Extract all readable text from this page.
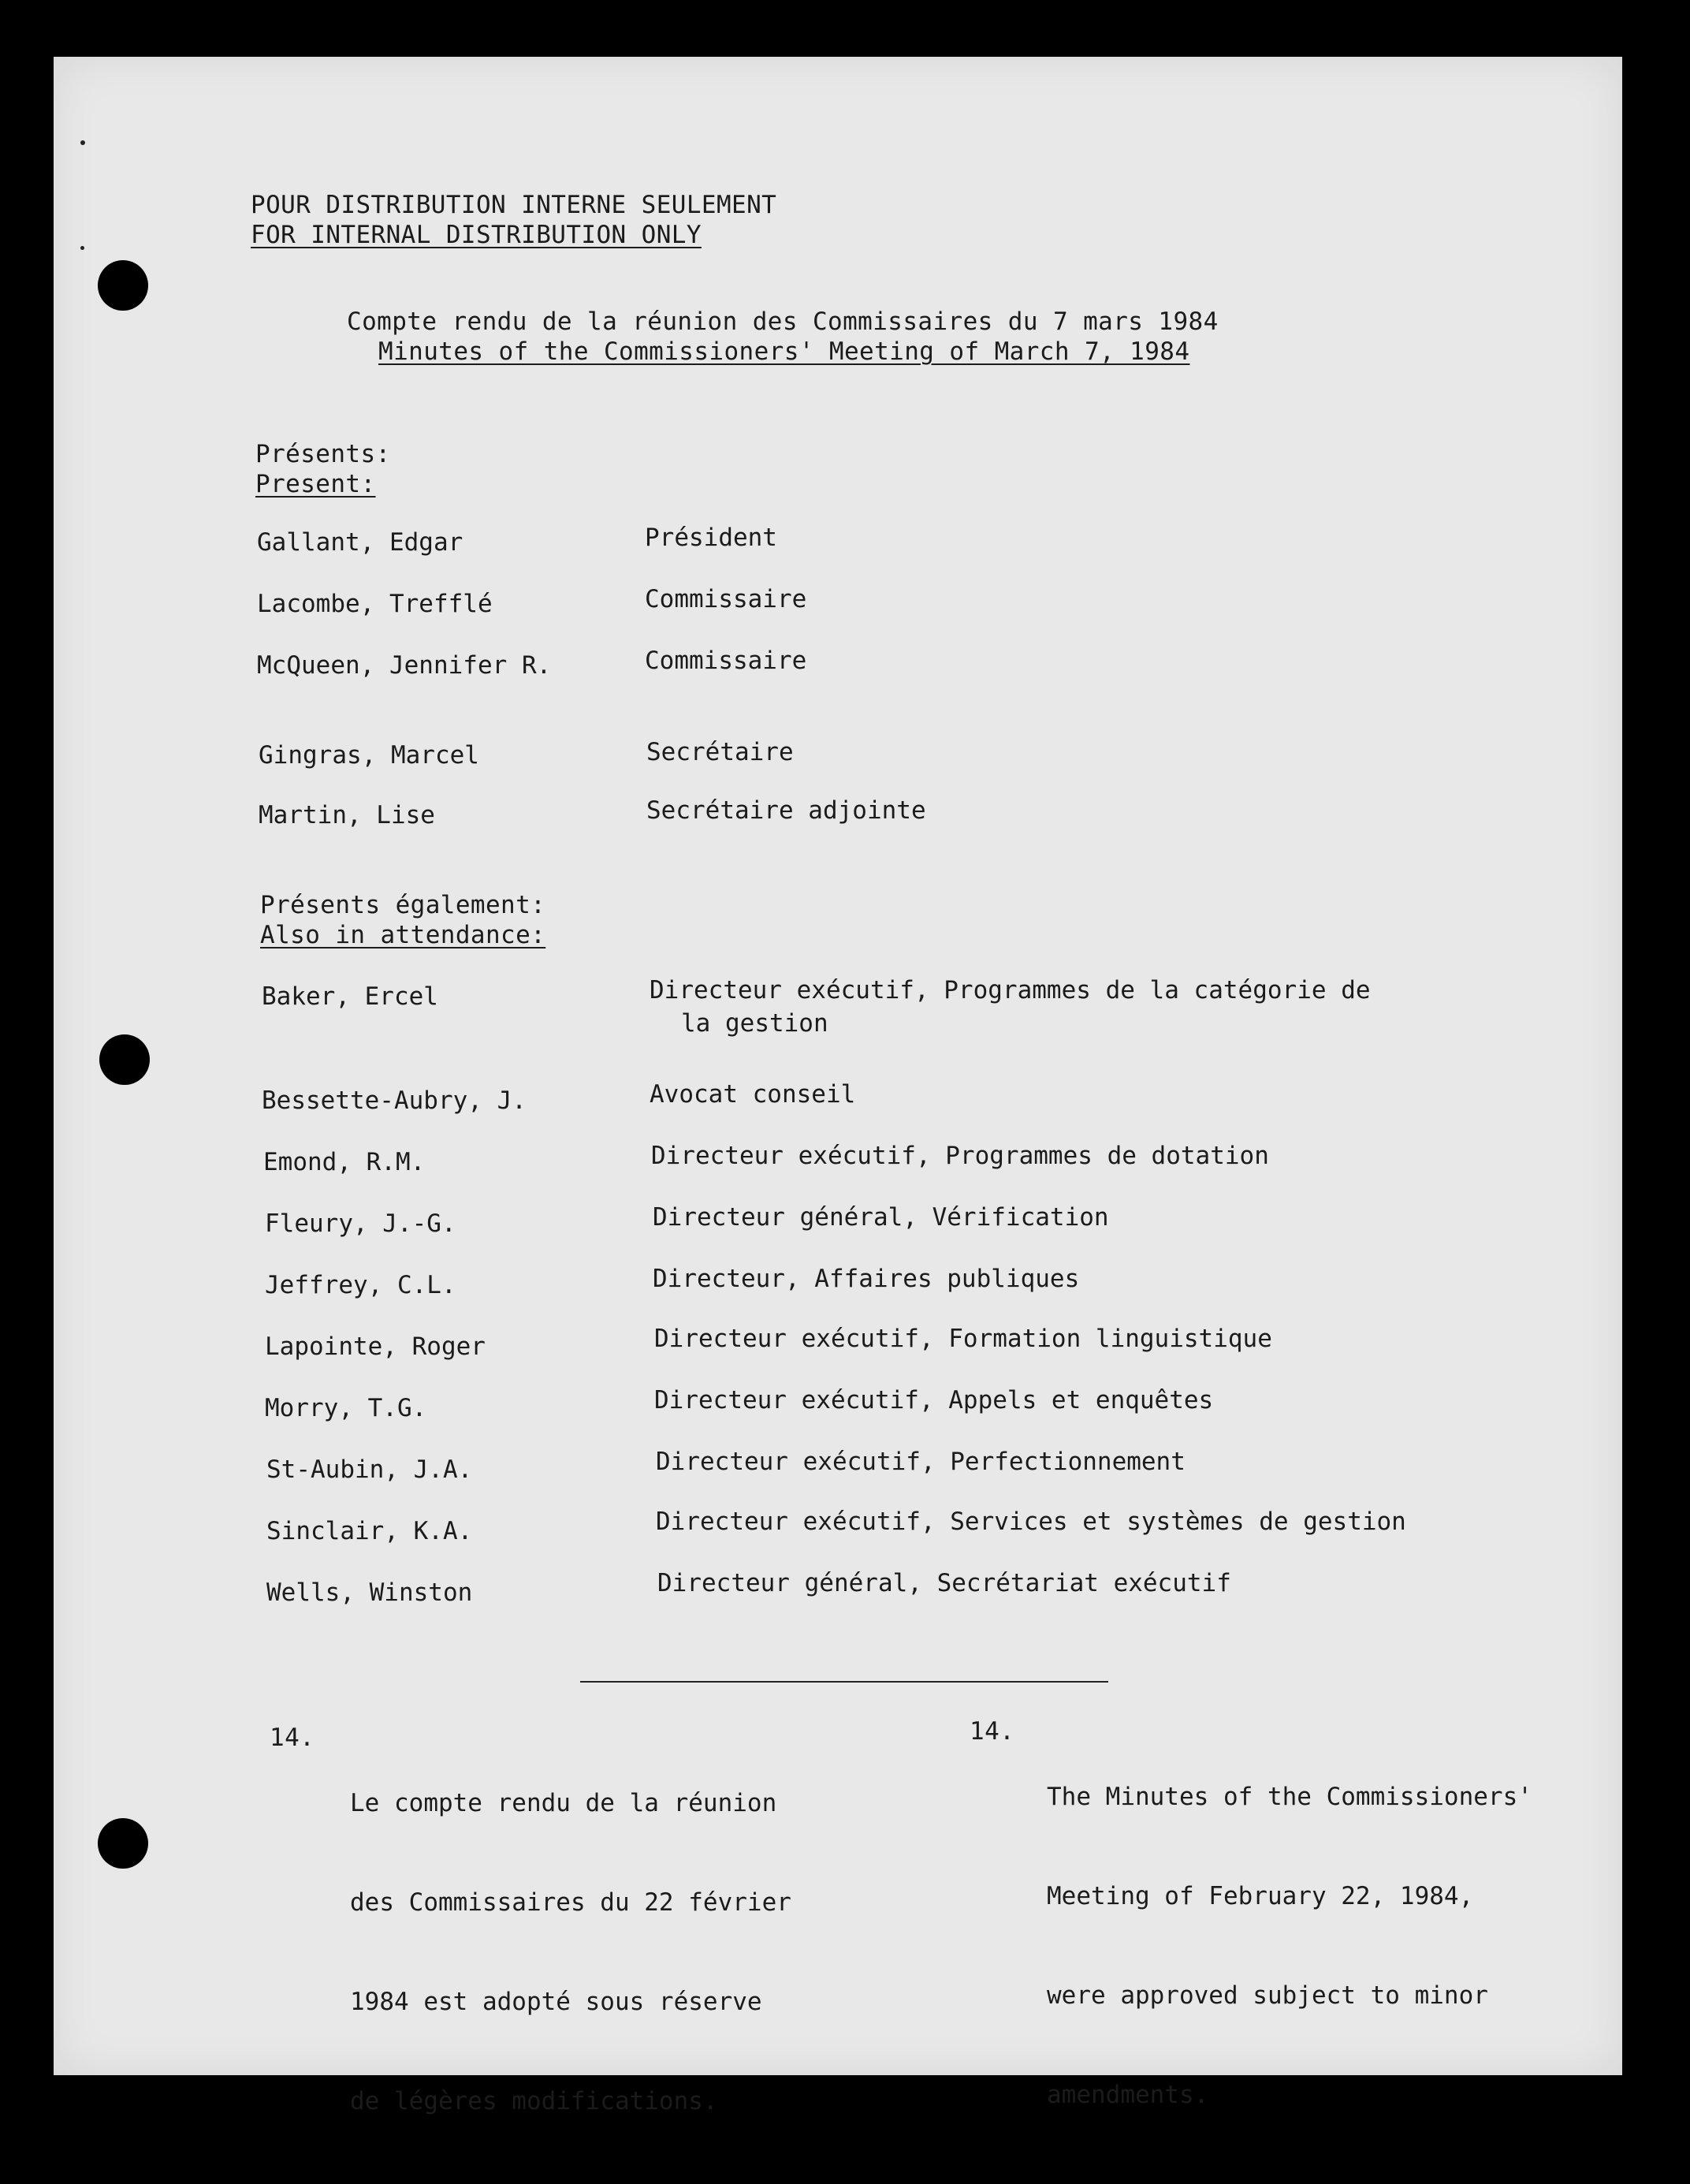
POUR DISTRIBUTION INTERNE SEULEMENT
FOR INTERNAL DISTRIBUTION ONLY
Compte rendu de la réunion des Commissaires du 7 mars 1984
Minutes of the Commissioners' Meeting of March 7, 1984
Présents:
Present:
Gallant, Edgar	Président
Lacombe, Trefflé	Commissaire
McQueen, Jennifer R.	Commissaire
Gingras, Marcel	Secrétaire
Martin, Lise	Secrétaire adjointe
Présents également:
Also in attendance:
Baker, Ercel	Directeur exécutif, Programmes de la catégorie de
la gestion
Bessette-Aubry, J.	Avocat conseil
Emond, R.M.	Directeur exécutif, Programmes de dotation
Fleury, J.-G.	Directeur général, Vérification
Jeffrey, C.L.	Directeur, Affaires publiques
Lapointe, Roger	Directeur exécutif, Formation linguistique
Morry, T.G.	Directeur exécutif, Appels et enquêtes
St-Aubin, J.A.	Directeur exécutif, Perfectionnement
Sinclair, K.A.	Directeur exécutif, Services et systèmes de gestion
Wells, Winston	Directeur général, Secrétariat exécutif
14.

Le compte rendu de la réunion

des Commissaires du 22 février

1984 est adopté sous réserve

de légères modifications.

14.

The Minutes of the Commissioners'

Meeting of February 22, 1984,

were approved subject to minor

amendments.
